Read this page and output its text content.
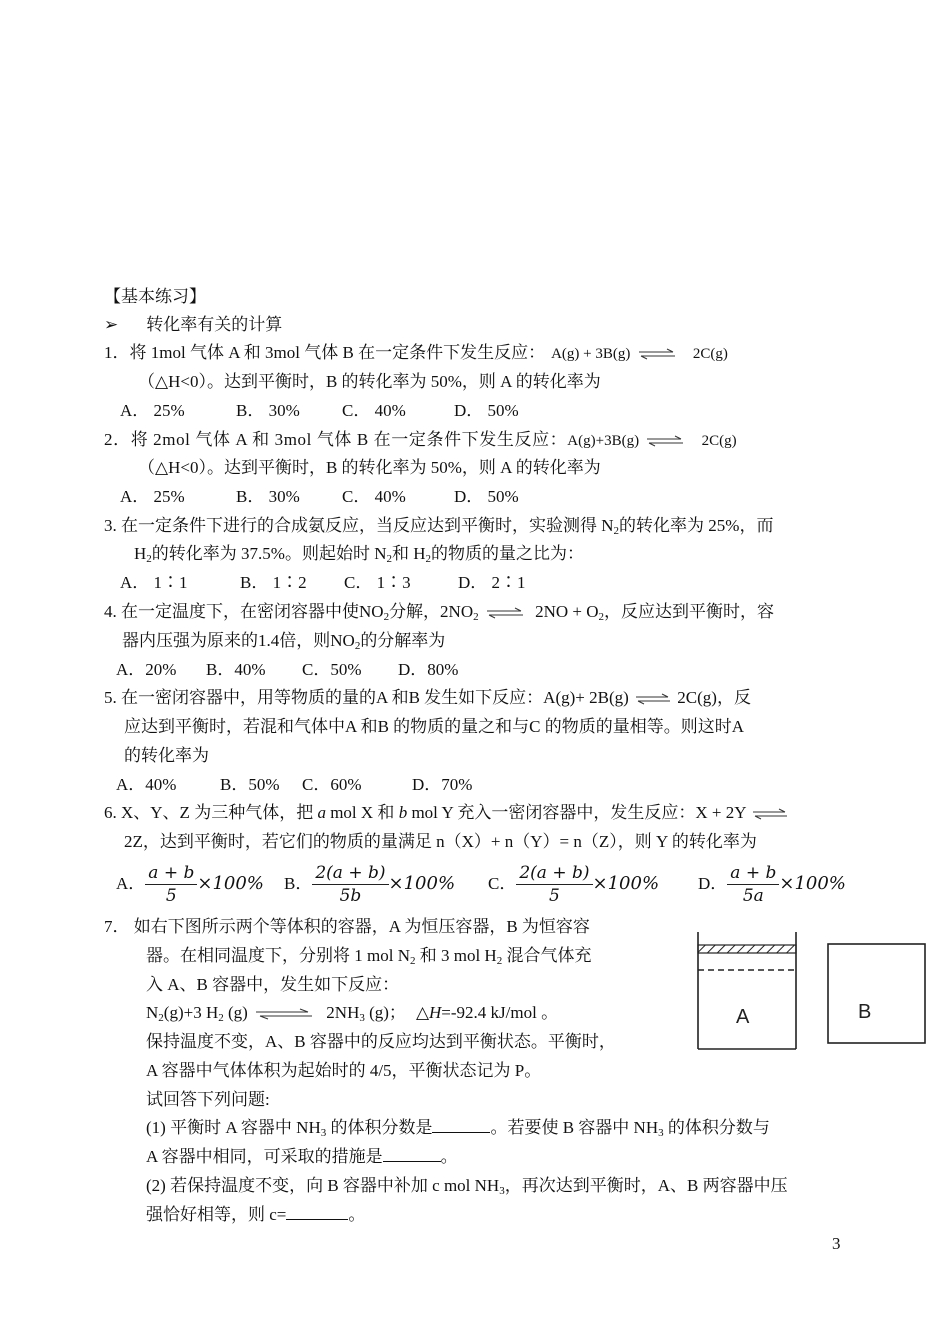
【基本练习】
➢ 转化率有关的计算
1．将 1mol 气体 A 和 3mol 气体 B 在一定条件下发生反应： A(g) + 3B(g) ⇌ 2C(g)
（△H<0）。达到平衡时，B 的转化率为 50%，则 A 的转化率为
A． 25%	B． 30% C． 40%	D． 50%
2．将 2mol 气体 A 和 3mol 气体 B 在一定条件下发生反应：A(g)+3B(g) ⇌ 2C(g)
（△H<0）。达到平衡时，B 的转化率为 50%，则 A 的转化率为
A． 25%	B． 30% C． 40%	D． 50%
3. 在一定条件下进行的合成氨反应，当反应达到平衡时，实验测得 $N_2$的转化率为 25%，而
$H_2$的转化率为 37.5%。则起始时 $N_2$和 $H_2$的物质的量之比为：
A． 1∶1	B． 1∶2 C． 1∶3	D． 2∶1
4. 在一定温度下，在密闭容器中使$NO_2$分解，$2NO_2$ ⇌ $2NO + O_2$，反应达到平衡时，容
器内压强为原来的1.4倍，则$NO_2$的分解率为
A．20% B．40% C．50% D．80%
5. 在一密闭容器中，用等物质的量的A 和B 发生如下反应：A(g)+ 2B(g) ⇌ 2C(g)，反
应达到平衡时，若混和气体中A 和B 的物质的量之和与C 的物质的量相等。则这时A
的转化率为
A．40%	B．50% C．60%	D．70%
6. X、Y、Z 为三种气体，把 a mol X 和 b mol Y 充入一密闭容器中，发生反应：X + 2Y ⇌
2Z，达到平衡时，若它们的物质的量满足 n（X）+ n（Y）= n（Z），则 Y 的转化率为
A． $\frac{a + b}{5} \times 100\%$ B． $\frac{2(a + b)}{5b} \times 100\%$ C． $\frac{2(a + b)}{5} \times 100\%$ D． $\frac{a + b}{5a} \times 100\%$
7． 如右下图所示两个等体积的容器，A 为恒压容器，B 为恒容容
器。在相同温度下，分别将 1 mol $N_2$ 和 3 mol $H_2$ 混合气体充
入 A、B 容器中，发生如下反应：
$N_2(g)+3$ $H_2$ (g) ⇌ $2NH_3$ (g)； △H=-92.4 kJ/mol 。
保持温度不变，A、B 容器中的反应均达到平衡状态。平衡时，
A 容器中气体体积为起始时的 4/5，平衡状态记为 P。
试回答下列问题:
(1) 平衡时 A 容器中 $NH_3$ 的体积分数是	。若要使 B 容器中 $NH_3$ 的体积分数与
A 容器中相同，可采取的措施是	。
(2) 若保持温度不变，向 B 容器中补加 c mol $NH_3$，再次达到平衡时，A、B 两容器中压
强恰好相等，则 c=	。
A	B
3
